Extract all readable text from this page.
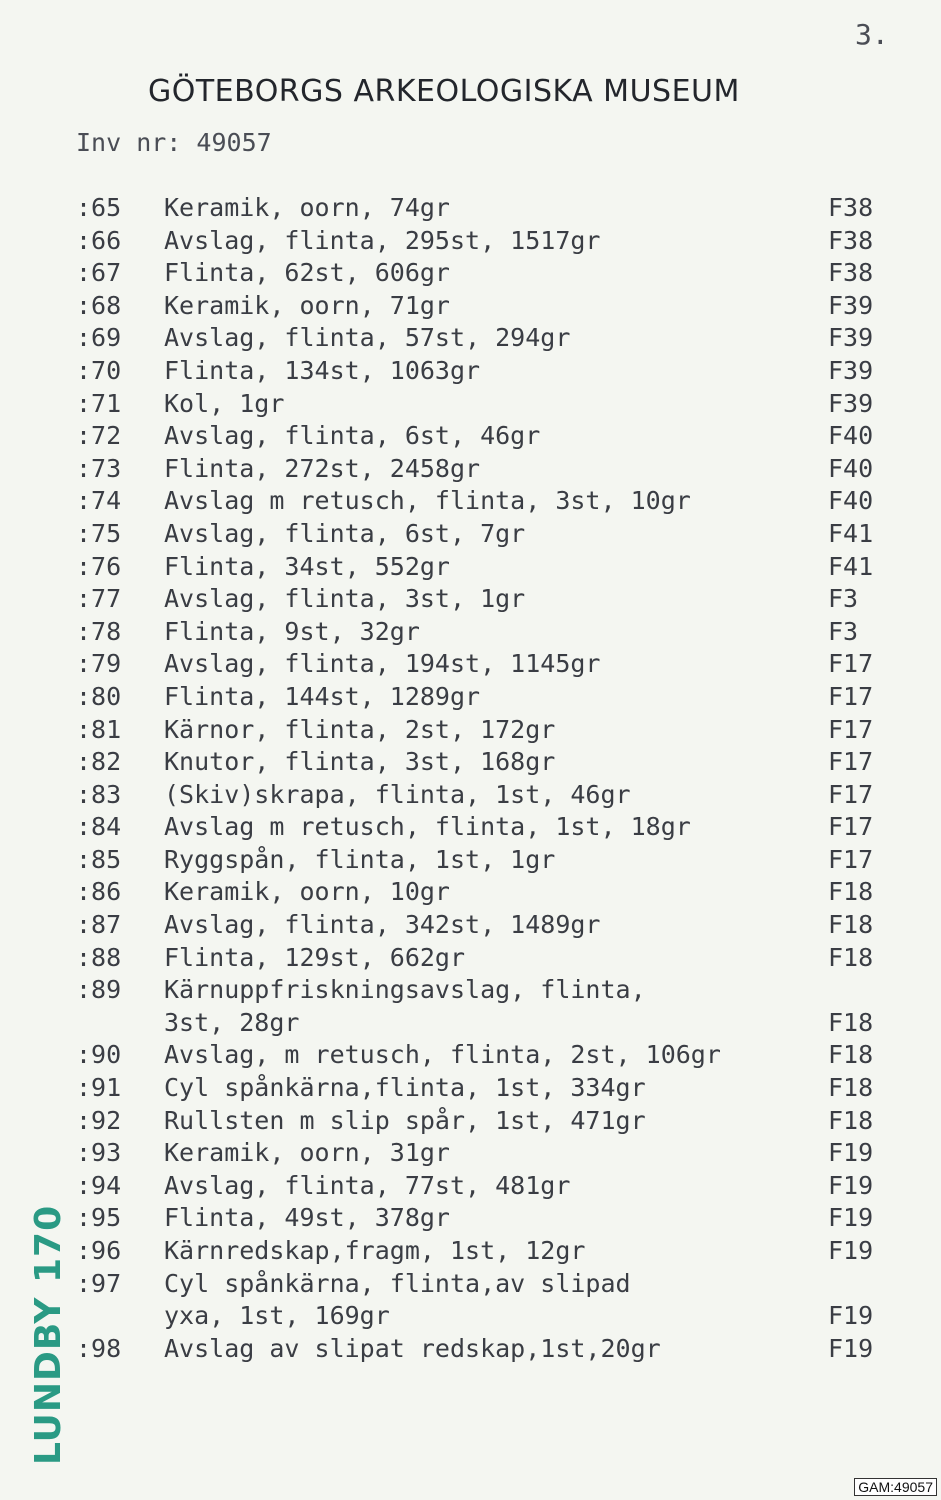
3.
GÖTEBORGS ARKEOLOGISKA MUSEUM
Inv nr: 49057
:65 Keramik, oorn, 74gr	F38
:66 Avslag, flinta, 295st, 1517gr	F38
:67 Flinta, 62st, 606gr	F38
:68 Keramik, oorn, 71gr	F39
:69 Avslag, flinta, 57st, 294gr	F39
:70 Flinta, 134st, 1063gr	F39
:71 Kol, 1gr	F39
:72 Avslag, flinta, 6st, 46gr	F40
:73 Flinta, 272st, 2458gr	F40
:74 Avslag m retusch, flinta, 3st, 10gr	F40
:75 Avslag, flinta, 6st, 7gr	F41
:76 Flinta, 34st, 552gr	F41
:77 Avslag, flinta, 3st, 1gr	F3
:78 Flinta, 9st, 32gr	F3
:79 Avslag, flinta, 194st, 1145gr	F17
:80 Flinta, 144st, 1289gr	F17
:81 Kärnor, flinta, 2st, 172gr	F17
:82 Knutor, flinta, 3st, 168gr	F17
:83 (Skiv)skrapa, flinta, 1st, 46gr	F17
:84 Avslag m retusch, flinta, 1st, 18gr	F17
:85 Ryggspån, flinta, 1st, 1gr	F17
:86 Keramik, oorn, 10gr	F18
:87 Avslag, flinta, 342st, 1489gr	F18
:88 Flinta, 129st, 662gr	F18
:89 Kärnuppfriskningsavslag, flinta,
3st, 28gr	F18
:90 Avslag, m retusch, flinta, 2st, 106gr	F18
:91 Cyl spånkärna,flinta, 1st, 334gr	F18
:92 Rullsten m slip spår, 1st, 471gr	F18
:93 Keramik, oorn, 31gr	F19
:94 Avslag, flinta, 77st, 481gr	F19
:95 Flinta, 49st, 378gr	F19
:96 Kärnredskap,fragm, 1st, 12gr	F19
:97 Cyl spånkärna, flinta,av slipad
yxa, 1st, 169gr	F19
:98 Avslag av slipat redskap,1st,20gr	F19
LUNDBY 170
GAM:49057
